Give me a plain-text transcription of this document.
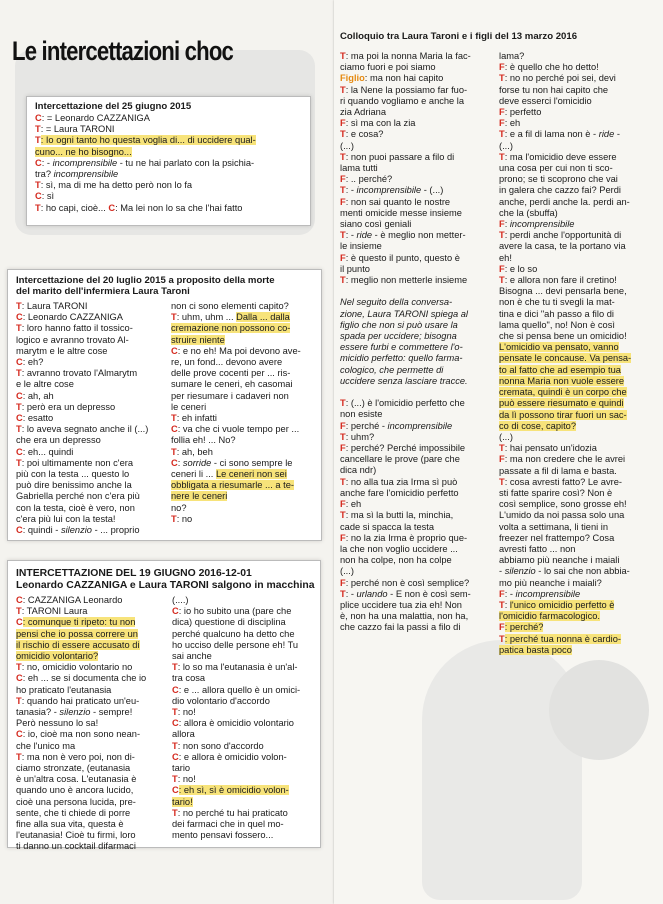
Le intercettazioni choc
Intercettazione del 25 giugno 2015
C: = Leonardo CAZZANIGA
T: = Laura TARONI
T: Io ogni tanto ho questa voglia di... di uccidere qual-
cuno... ne ho bisogno...
C: - incomprensibile - tu ne hai parlato con la psichia-
tra? incomprensibile
T: sì, ma di me ha detto però non lo fa
C: sì
T: ho capi, cioè... C: Ma lei non lo sa che l'hai fatto
Intercettazione del 20 luglio 2015 a proposito della morte
del marito dell'infermiera Laura Taroni
T: Laura TARONI
C: Leonardo CAZZANIGA
T: loro hanno fatto il tossico-
logico e avranno trovato Al-
marytm e le altre cose
C: eh?
T: avranno trovato l'Almarytm
e le altre cose
C: ah, ah
T: però era un depresso
C: esatto
T: lo aveva segnato anche il (...)
che era un depresso
C: eh... quindi
T: poi ultimamente non c'era
più con la testa ... questo lo
può dire benissimo anche la
Gabriella perché non c'era più
con la testa, cioè è vero, non
c'era più lui con la testa!
C: quindi - silenzio - ... proprio
non ci sono elementi capito?
T: uhm, uhm ... Dalla ... dalla
cremazione non possono co-
struire niente
C: e no eh! Ma poi devono ave-
re, un fond... devono avere
delle prove cocenti per ... ris-
sumare le ceneri, eh casomai
per riesumare i cadaveri non
le ceneri
T: eh infatti
C: va che ci vuole tempo per ...
follia eh! ... No?
T: ah, beh
C: sorride - ci sono sempre le
ceneri li ... Le ceneri non sei
obbligata a riesumarle ... a te-
nere le ceneri
no?
T: no
INTERCETTAZIONE DEL 19 GIUGNO 2016-12-01
Leonardo CAZZANIGA e Laura TARONI salgono in macchina
C: CAZZANIGA Leonardo
T: TARONI Laura
C: comunque ti ripeto: tu non
pensi che io possa correre un
il rischio di essere accusato di
omicidio volontario?
T: no, omicidio volontario no
C: eh ... se si documenta che io
ho praticato l'eutanasia
T: quando hai praticato un'eu-
tanasia? - silenzio - sempre!
Però nessuno lo sa!
C: io, cioè ma non sono nean-
che l'unico ma
T: ma non è vero poi, non di-
ciamo stronzate, (eutanasia
è un'altra cosa. L'eutanasia è
quando uno è ancora lucido,
cioè una persona lucida, pre-
sente, che ti chiede di porre
fine alla sua vita, questa è
l'eutanasia! Cioè tu firmi, loro
ti danno un cocktail difarmaci
(....)
C: io ho subito una (pare che
dica) questione di disciplina
perché qualcuno ha detto che
ho ucciso delle persone eh! Tu
sai anche
T: lo so ma l'eutanasia è un'al-
tra cosa
C: e ... allora quello è un omici-
dio volontario d'accordo
T: no!
C: allora è omicidio volontario
allora
T: non sono d'accordo
C: e allora è omicidio volon-
tario
T: no!
C: eh sì, sì è omicidio volon-
tario!
T: no perché tu hai praticato
dei farmaci che in quel mo-
mento pensavi fossero...
Colloquio tra Laura Taroni e i figli del 13 marzo 2016
T: ma poi la nonna Maria la fac-
ciamo fuori e poi siamo
Figlio: ma non hai capito
T: la Nene la possiamo far fuo-
ri quando vogliamo e anche la
zia Adriana
F: sì ma con la zia
T: e cosa?
(...)
T: non puoi passare a filo di
lama tutti
F: .. perché?
T: - incomprensibile - (...)
F: non sai quanto le nostre
menti omicide messe insieme
siano così geniali
T: - ride - è meglio non metter-
le insieme
F: è questo il punto, questo è
il punto
T: meglio non metterle insieme
Nel seguito della conversa-
zione, Laura TARONI spiega al
figlio che non si può usare la
spada per uccidere; bisogna
essere furbi e commettere l'o-
micidio perfetto: quello farma-
cologico, che permette di
uccidere senza lasciare tracce.
T: (...) è l'omicidio perfetto che
non esiste
F: perché - incomprensibile
T: uhm?
F: perché? Perché impossibile
cancellare le prove (pare che
dica ndr)
T: no alla tua zia Irma sì può
anche fare l'omicidio perfetto
F: eh
T: ma sì la butti la, minchia,
cade si spacca la testa
F: no la zia Irma è proprio que-
la che non voglio uccidere ...
non ha colpe, non ha colpe
(...)
F: perché non è così semplice?
T: - urlando - E non è così sem-
plice uccidere tua zia eh! Non
è, non ha una malattia, non ha,
che cazzo fai la passi a filo di
lama?
F: è quello che ho detto!
T: no no perché poi sei, devi
forse tu non hai capito che
deve esserci l'omicidio
F: perfetto
F: eh
T: e a fil di lama non è - ride -
(...)
T: ma l'omicidio deve essere
una cosa per cui non ti sco-
prono; se ti scoprono che vai
in galera che cazzo fai? Perdi
anche, perdi anche la. perdi an-
che la (sbuffa)
F: incomprensibile
T: perdi anche l'opportunità di
avere la casa, te la portano via
eh!
F: e lo so
T: e allora non fare il cretino!
Bisogna ... devi pensarla bene,
non è che tu ti svegli la mat-
tina e dici "ah passo a filo di
lama quello", no! Non è così
che si pensa bene un omicidio!
L'omicidio va pensato, vanno
pensate le concause. Va pensa-
to al fatto che ad esempio tua
nonna Maria non vuole essere
cremata, quindi è un corpo che
può essere riesumato e quindi
da lì possono tirar fuori un sac-
co di cose, capito?
(...)
T: hai pensato un'idozia
F: ma non credere che le avrei
passate a fil di lama e basta.
T: cosa avresti fatto? Le avre-
sti fatte sparire così? Non è
così semplice, sono grosse eh!
L'umido da noi passa solo una
volta a settimana, li tieni in
freezer nel frattempo? Cosa
avresti fatto ... non
abbiamo più neanche i maiali
- silenzio - lo sai che non abbia-
mo più neanche i maiali?
F: - incomprensibile
T: l'unico omicidio perfetto è
l'omicidio farmacologico.
F: perché?
T: perché tua nonna è cardio-
patica basta poco
